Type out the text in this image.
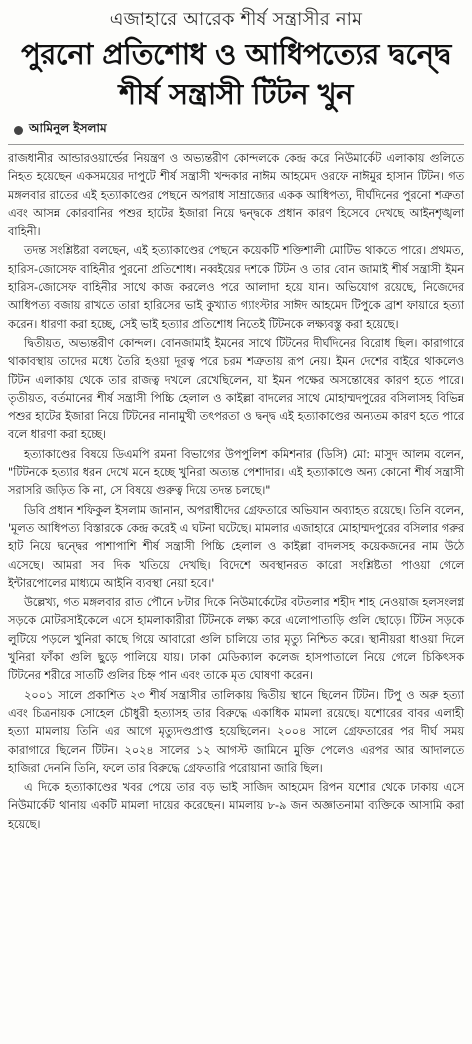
এজাহারে আরেক শীর্ষ সন্ত্রাসীর নাম
পুরনো প্রতিশোধ ও আধিপত্যের দ্বন্দ্বে শীর্ষ সন্ত্রাসী টিটন খুন
আমিনুল ইসলাম

রাজধানীর আন্ডারওয়ার্ল্ডের নিয়ন্ত্রণ ও অভ্যন্তরীণ কোন্দলকে কেন্দ্র করে নিউমার্কেট এলাকায় গুলিতে নিহত হয়েছেন একসময়ের দাপুটে শীর্ষ সন্ত্রাসী খন্দকার নাঈম আহমেদ ওরফে নাঈমুর হাসান টিটন। গত মঙ্গলবার রাতের এই হত্যাকাণ্ডের পেছনে অপরাধ সাম্রাজ্যের একক আধিপত্য, দীর্ঘদিনের পুরনো শত্রুতা এবং আসন্ন কোরবানির পশুর হাটের ইজারা নিয়ে দ্বন্দ্বকে প্রধান কারণ হিসেবে দেখছে আইনশৃঙ্খলা বাহিনী।

তদন্ত সংশ্লিষ্টরা বলছেন, এই হত্যাকাণ্ডের পেছনে কয়েকটি শক্তিশালী মোটিভ থাকতে পারে। প্রথমত, হারিস-জোসেফ বাহিনীর পুরনো প্রতিশোধ। নব্বইয়ের দশকে টিটন ও তার বোন জামাই শীর্ষ সন্ত্রাসী ইমন হারিস-জোসেফ বাহিনীর সাথে কাজ করলেও পরে আলাদা হয়ে যান। অভিযোগ রয়েছে, নিজেদের আধিপত্য বজায় রাখতে তারা হারিসের ভাই কুখ্যাত গ্যাংস্টার সাঈদ আহমেদ টিপুকে ব্রাশ ফায়ারে হত্যা করেন। ধারণা করা হচ্ছে, সেই ভাই হত্যার প্রতিশোধ নিতেই টিটনকে লক্ষ্যবস্তু করা হয়েছে।

দ্বিতীয়ত, অভ্যন্তরীণ কোন্দল। বোনজামাই ইমনের সাথে টিটনের দীর্ঘদিনের বিরোধ ছিল। কারাগারে থাকাবস্থায় তাদের মধ্যে তৈরি হওয়া দূরত্ব পরে চরম শত্রুতায় রূপ নেয়। ইমন দেশের বাইরে থাকলেও টিটন এলাকায় থেকে তার রাজত্ব দখলে রেখেছিলেন, যা ইমন পক্ষের অসন্তোষের কারণ হতে পারে। তৃতীয়ত, বর্তমানের শীর্ষ সন্ত্রাসী পিচ্চি হেলাল ও কাইল্লা বাদলের সাথে মোহাম্মদপুরের বসিলাসহ বিভিন্ন পশুর হাটের ইজারা নিয়ে টিটনের নানামুখী তৎপরতা ও দ্বন্দ্ব এই হত্যাকাণ্ডের অন্যতম কারণ হতে পারে বলে ধারণা করা হচ্ছে।

হত্যাকাণ্ডের বিষয়ে ডিএমপি রমনা বিভাগের উপপুলিশ কমিশনার (ডিসি) মো: মাসুদ আলম বলেন, "টিটনকে হত্যার ধরন দেখে মনে হচ্ছে খুনিরা অত্যন্ত পেশাদার। এই হত্যাকাণ্ডে অন্য কোনো শীর্ষ সন্ত্রাসী সরাসরি জড়িত কি না, সে বিষয়ে গুরুত্ব দিয়ে তদন্ত চলছে।"

ডিবি প্রধান শফিকুল ইসলাম জানান, অপরাধীদের গ্রেফতারে অভিযান অব্যাহত রয়েছে। তিনি বলেন, 'মূলত আধিপত্য বিস্তারকে কেন্দ্র করেই এ ঘটনা ঘটেছে। মামলার এজাহারে মোহাম্মদপুরের বসিলার গরুর হাট নিয়ে দ্বন্দ্বের পাশাপাশি শীর্ষ সন্ত্রাসী পিচ্চি হেলাল ও কাইল্লা বাদলসহ কয়েকজনের নাম উঠে এসেছে। আমরা সব দিক খতিয়ে দেখছি। বিদেশে অবস্থানরত কারো সংশ্লিষ্টতা পাওয়া গেলে ইন্টারপোলের মাধ্যমে আইনি ব্যবস্থা নেয়া হবে।'

উল্লেখ্য, গত মঙ্গলবার রাত পৌনে ৮টার দিকে নিউমার্কেটের বটতলার শহীদ শাহ নেওয়াজ হলসংলগ্ন সড়কে মোটরসাইকেলে এসে হামলাকারীরা টিটনকে লক্ষ্য করে এলোপাতাড়ি গুলি ছোড়ে। টিটন সড়কে লুটিয়ে পড়লে খুনিরা কাছে গিয়ে আবারো গুলি চালিয়ে তার মৃত্যু নিশ্চিত করে। স্থানীয়রা ধাওয়া দিলে খুনিরা ফাঁকা গুলি ছুড়ে পালিয়ে যায়। ঢাকা মেডিক্যাল কলেজ হাসপাতালে নিয়ে গেলে চিকিৎসক টিটনের শরীরে সাতটি গুলির চিহ্ন পান এবং তাকে মৃত ঘোষণা করেন।

২০০১ সালে প্রকাশিত ২৩ শীর্ষ সন্ত্রাসীর তালিকায় দ্বিতীয় স্থানে ছিলেন টিটন। টিপু ও অরু হত্যা এবং চিত্রনায়ক সোহেল চৌধুরী হত্যাসহ তার বিরুদ্ধে একাধিক মামলা রয়েছে। যশোরের বাবর এলাহী হত্যা মামলায় তিনি এর আগে মৃত্যুদণ্ডপ্রাপ্ত হয়েছিলেন। ২০০৪ সালে গ্রেফতারের পর দীর্ঘ সময় কারাগারে ছিলেন টিটন। ২০২৪ সালের ১২ আগস্ট জামিনে মুক্তি পেলেও এরপর আর আদালতে হাজিরা দেননি তিনি, ফলে তার বিরুদ্ধে গ্রেফতারি পরোয়ানা জারি ছিল।

এ দিকে হত্যাকাণ্ডের খবর পেয়ে তার বড় ভাই সাজিদ আহমেদ রিপন যশোর থেকে ঢাকায় এসে নিউমার্কেট থানায় একটি মামলা দায়ের করেছেন। মামলায় ৮-৯ জন অজ্ঞাতনামা ব্যক্তিকে আসামি করা হয়েছে।
